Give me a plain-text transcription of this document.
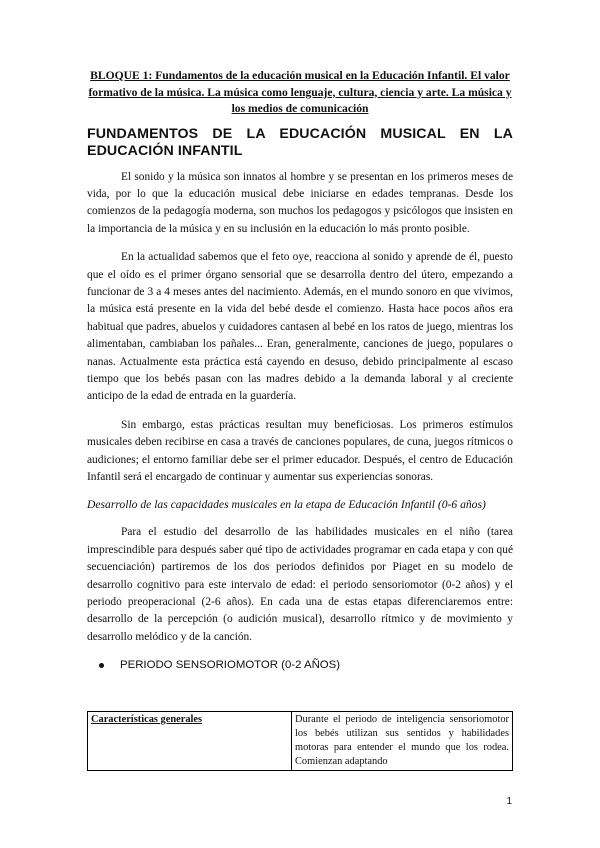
BLOQUE 1: Fundamentos de la educación musical en la Educación Infantil. El valor formativo de la música. La música como lenguaje, cultura, ciencia y arte. La música y los medios de comunicación

FUNDAMENTOS DE LA EDUCACIÓN MUSICAL EN LA EDUCACIÓN INFANTIL

El sonido y la música son innatos al hombre y se presentan en los primeros meses de vida, por lo que la educación musical debe iniciarse en edades tempranas. Desde los comienzos de la pedagogía moderna, son muchos los pedagogos y psicólogos que insisten en la importancia de la música y en su inclusión en la educación lo más pronto posible.

En la actualidad sabemos que el feto oye, reacciona al sonido y aprende de él, puesto que el oído es el primer órgano sensorial que se desarrolla dentro del útero, empezando a funcionar de 3 a 4 meses antes del nacimiento. Además, en el mundo sonoro en que vivimos, la música está presente en la vida del bebé desde el comienzo. Hasta hace pocos años era habitual que padres, abuelos y cuidadores cantasen al bebé en los ratos de juego, mientras los alimentaban, cambiaban los pañales... Eran, generalmente, canciones de juego, populares o nanas. Actualmente esta práctica está cayendo en desuso, debido principalmente al escaso tiempo que los bebés pasan con las madres debido a la demanda laboral y al creciente anticipo de la edad de entrada en la guardería.

Sin embargo, estas prácticas resultan muy beneficiosas. Los primeros estímulos musicales deben recibirse en casa a través de canciones populares, de cuna, juegos rítmicos o audiciones; el entorno familiar debe ser el primer educador. Después, el centro de Educación Infantil será el encargado de continuar y aumentar sus experiencias sonoras.

Desarrollo de las capacidades musicales en la etapa de Educación Infantil (0-6 años)

Para el estudio del desarrollo de las habilidades musicales en el niño (tarea imprescindible para después saber qué tipo de actividades programar en cada etapa y con qué secuenciación) partiremos de los dos periodos definidos por Piaget en su modelo de desarrollo cognitivo para este intervalo de edad: el periodo sensoriomotor (0-2 años) y el periodo preoperacional (2-6 años). En cada una de estas etapas diferenciaremos entre: desarrollo de la percepción (o audición musical), desarrollo rítmico y de movimiento y desarrollo melódico y de la canción.

PERIODO SENSORIOMOTOR (0-2 AÑOS)
Características generales	Durante el periodo de inteligencia sensoriomotor los bebés utilizan sus sentidos y habilidades motoras para entender el mundo que los rodea. Comienzan adaptando
1
